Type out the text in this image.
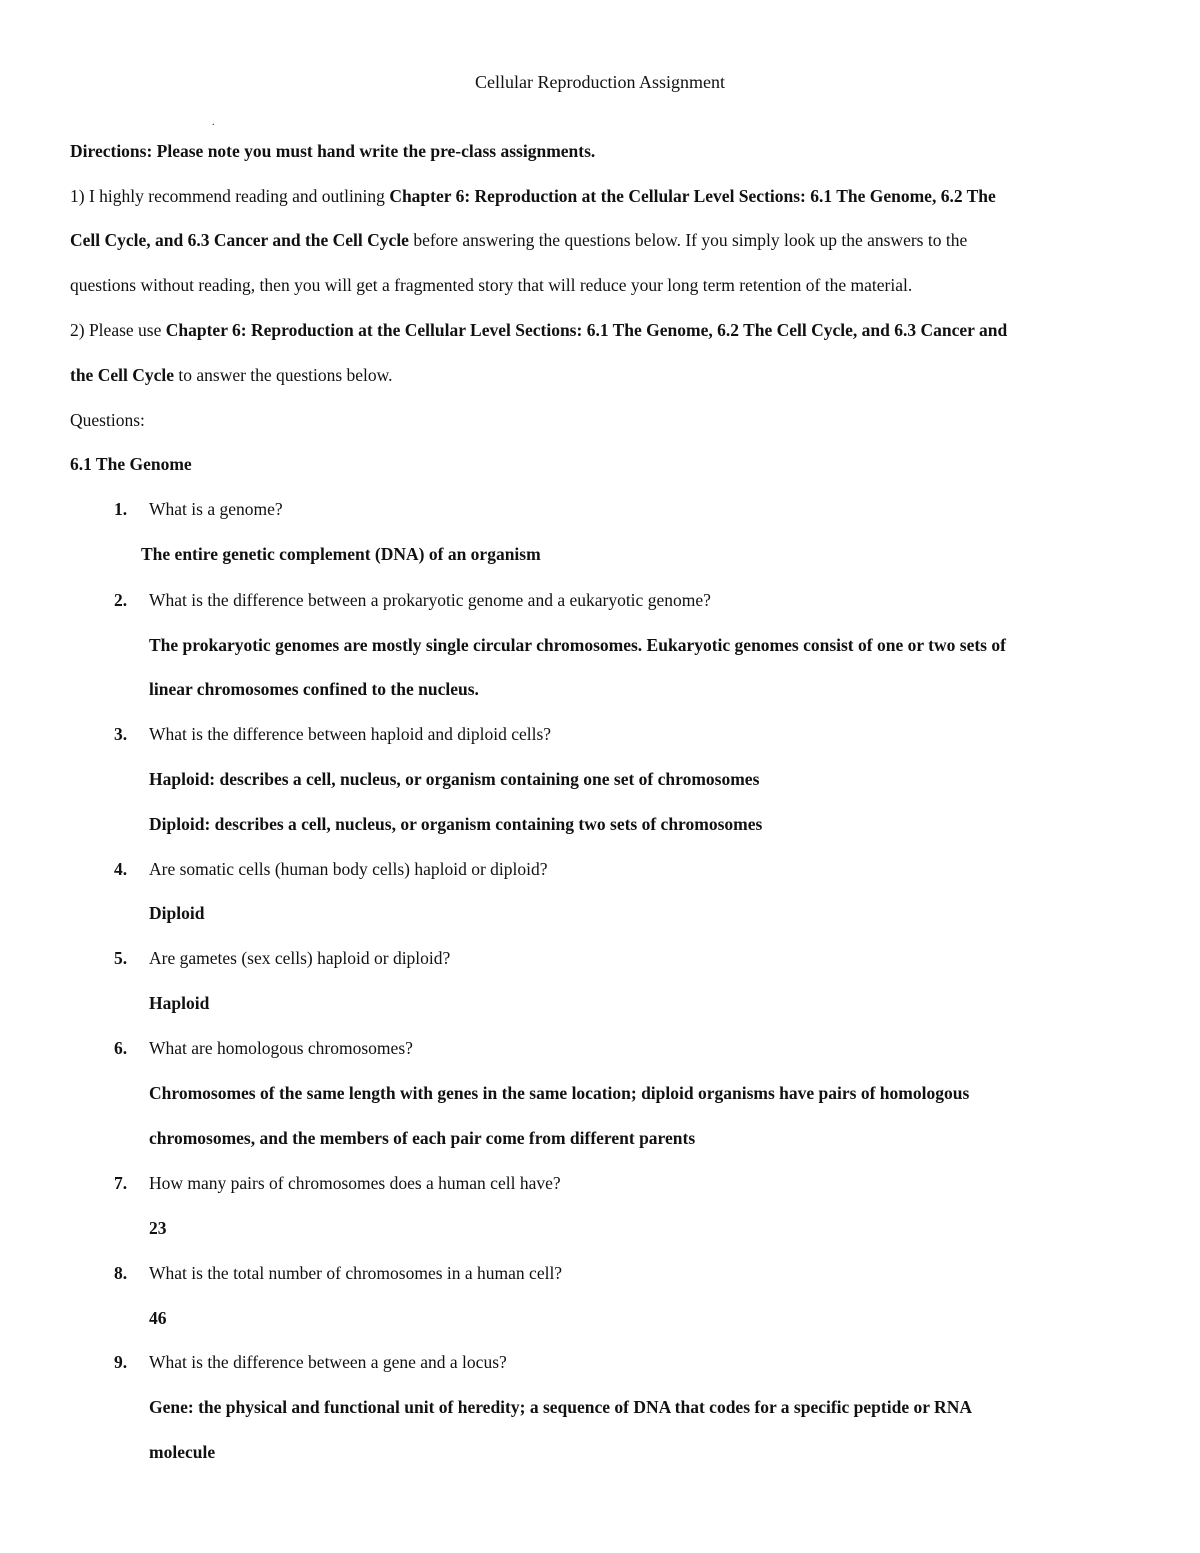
Cellular Reproduction Assignment
.
Directions: Please note you must hand write the pre-class assignments.
1) I highly recommend reading and outlining Chapter 6: Reproduction at the Cellular Level Sections: 6.1 The Genome, 6.2 The
Cell Cycle, and 6.3 Cancer and the Cell Cycle before answering the questions below. If you simply look up the answers to the
questions without reading, then you will get a fragmented story that will reduce your long term retention of the material.
2) Please use Chapter 6: Reproduction at the Cellular Level Sections: 6.1 The Genome, 6.2 The Cell Cycle, and 6.3 Cancer and
the Cell Cycle to answer the questions below.
Questions:
6.1 The Genome
1. What is a genome?
The entire genetic complement (DNA) of an organism
2. What is the difference between a prokaryotic genome and a eukaryotic genome?
The prokaryotic genomes are mostly single circular chromosomes. Eukaryotic genomes consist of one or two sets of
linear chromosomes confined to the nucleus.
3. What is the difference between haploid and diploid cells?
Haploid: describes a cell, nucleus, or organism containing one set of chromosomes
Diploid: describes a cell, nucleus, or organism containing two sets of chromosomes
4. Are somatic cells (human body cells) haploid or diploid?
Diploid
5. Are gametes (sex cells) haploid or diploid?
Haploid
6. What are homologous chromosomes?
Chromosomes of the same length with genes in the same location; diploid organisms have pairs of homologous
chromosomes, and the members of each pair come from different parents
7. How many pairs of chromosomes does a human cell have?
23
8. What is the total number of chromosomes in a human cell?
46
9. What is the difference between a gene and a locus?
Gene: the physical and functional unit of heredity; a sequence of DNA that codes for a specific peptide or RNA
molecule
